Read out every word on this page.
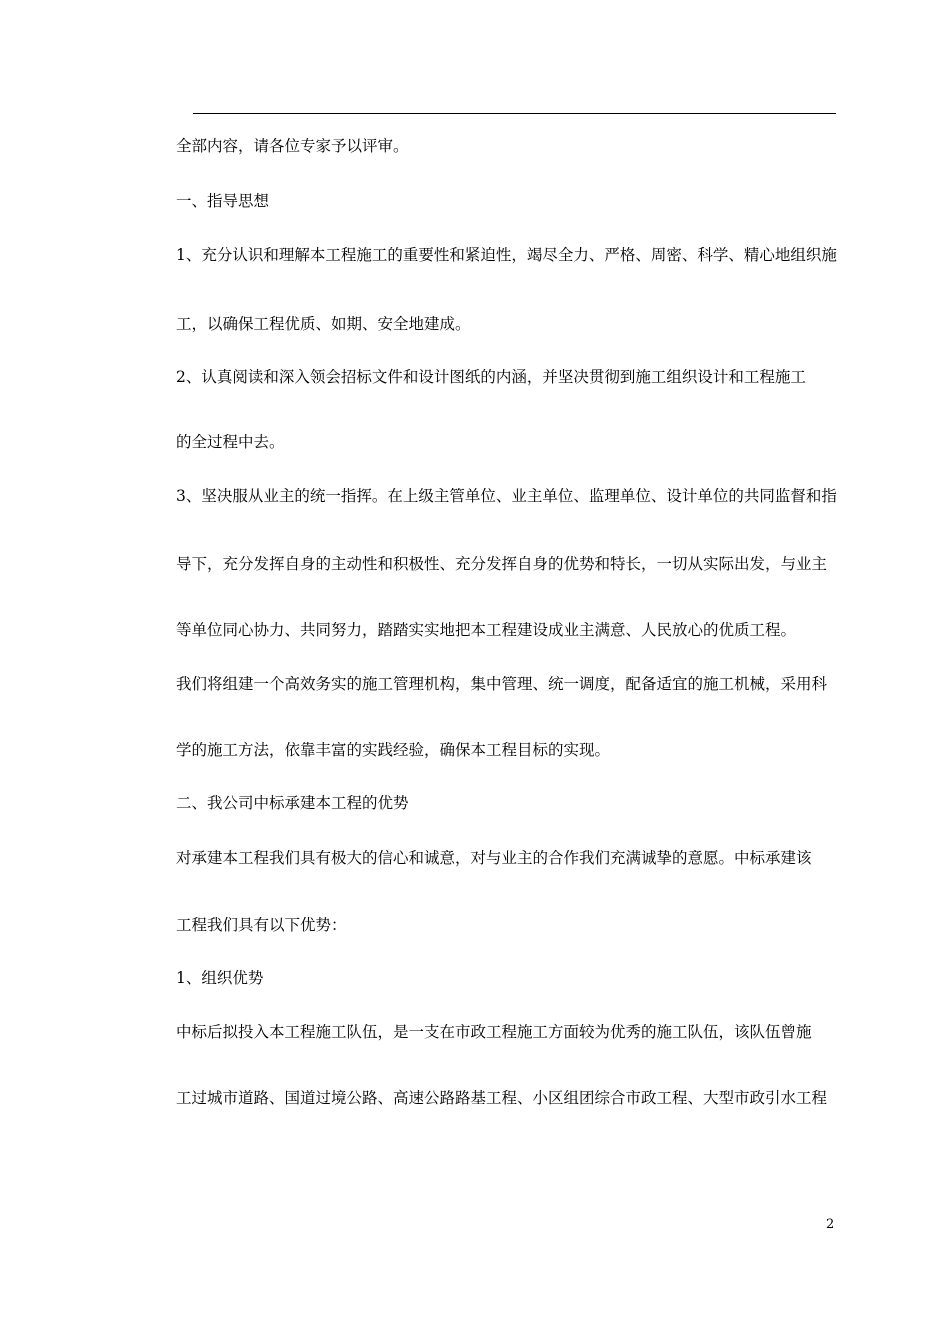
全部内容，请各位专家予以评审。

一、指导思想

1、充分认识和理解本工程施工的重要性和紧迫性，竭尽全力、严格、周密、科学、精心地组织施

工，以确保工程优质、如期、安全地建成。

2、认真阅读和深入领会招标文件和设计图纸的内涵，并坚决贯彻到施工组织设计和工程施工

的全过程中去。

3、坚决服从业主的统一指挥。在上级主管单位、业主单位、监理单位、设计单位的共同监督和指

导下，充分发挥自身的主动性和积极性、充分发挥自身的优势和特长，一切从实际出发，与业主

等单位同心协力、共同努力，踏踏实实地把本工程建设成业主满意、人民放心的优质工程。

我们将组建一个高效务实的施工管理机构，集中管理、统一调度，配备适宜的施工机械，采用科

学的施工方法，依靠丰富的实践经验，确保本工程目标的实现。

二、我公司中标承建本工程的优势

对承建本工程我们具有极大的信心和诚意，对与业主的合作我们充满诚挚的意愿。中标承建该

工程我们具有以下优势：

1、组织优势

中标后拟投入本工程施工队伍，是一支在市政工程施工方面较为优秀的施工队伍，该队伍曾施

工过城市道路、国道过境公路、高速公路路基工程、小区组团综合市政工程、大型市政引水工程

2
